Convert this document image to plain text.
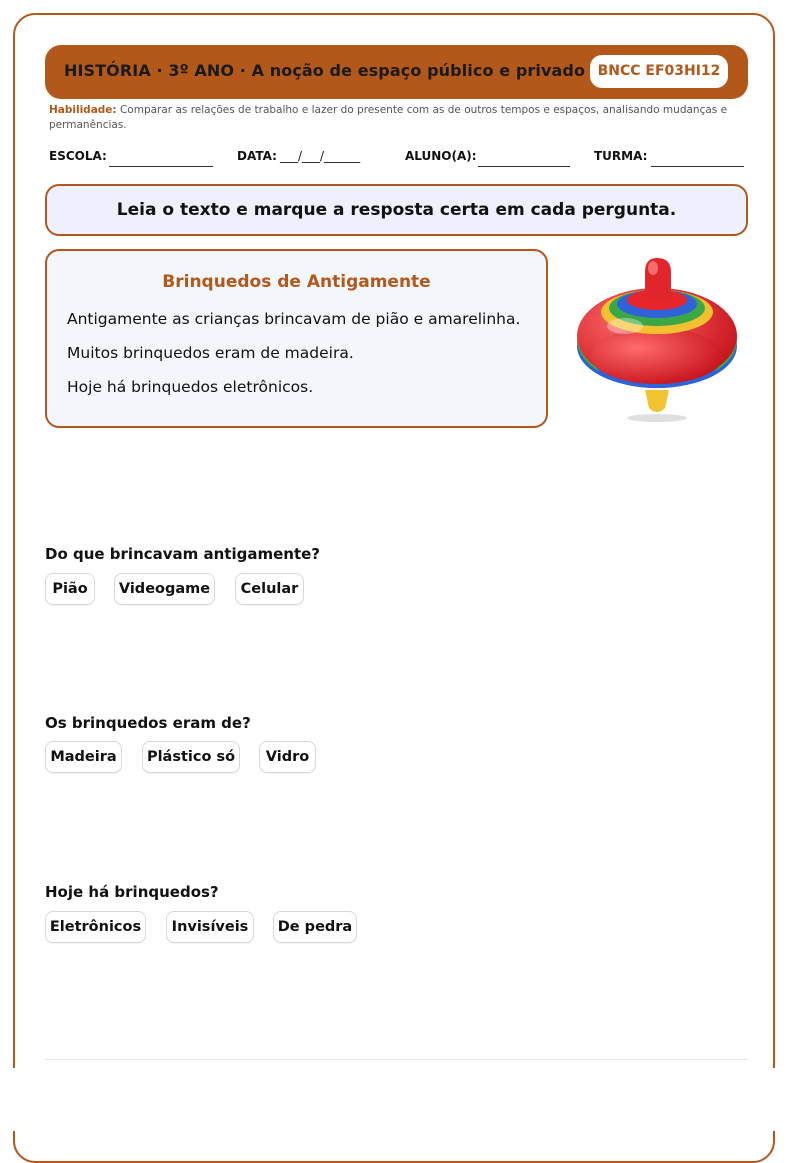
HISTÓRIA · 3º ANO · A noção de espaço público e privado BNCC EF03HI12
Habilidade: Comparar as relações de trabalho e lazer do presente com as de outros tempos e espaços, analisando mudanças e permanências.
ESCOLA:	DATA: ___/___/______	ALUNO(A):	TURMA:
Leia o texto e marque a resposta certa em cada pergunta.
Brinquedos de Antigamente
Antigamente as crianças brincavam de pião e amarelinha.
Muitos brinquedos eram de madeira.
Hoje há brinquedos eletrônicos.
Do que brincavam antigamente?
Pião	Videogame	Celular
Os brinquedos eram de?
Madeira	Plástico só	Vidro
Hoje há brinquedos?
Eletrônicos	Invisíveis	De pedra
